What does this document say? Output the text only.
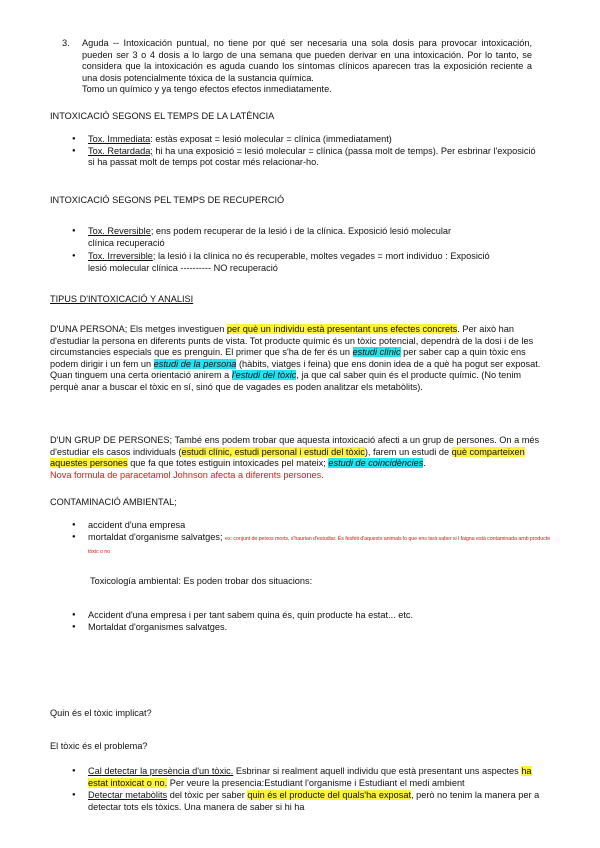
3.	Aguda -- Intoxicación puntual, no tiene por qué ser necesaria una sola dosis para provocar intoxicación, pueden ser 3 o 4 dosis a lo largo de una semana que pueden derivar en una intoxicación. Por lo tanto, se considera que la intoxicación es aguda cuando los síntomas clínicos aparecen tras la exposición reciente a una dosis potencialmente tóxica de la sustancia química.
Tomo un químico y ya tengo efectos efectos inmediatamente.
INTOXICACIÓ SEGONS EL TEMPS DE LA LATÈNCIA
● Tox. Immediata: estàs exposat = lesió molecular = clínica (immediatament)
● Tox. Retardada; hi ha una exposició = lesió molecular = clínica (passa molt de temps). Per esbrinar l'exposició si ha passat molt de temps pot costar més relacionar-ho.
INTOXICACIÓ SEGONS PEL TEMPS DE RECUPERCIÓ
● Tox. Reversible; ens podem recuperar de la lesió i de la clínica. Exposició lesió molecular
clínica recuperació
● Tox. Irreversible; la lesió i la clínica no és recuperable, moltes vegades = mort individuo : Exposició
lesió molecular clínica ---------- NO recuperació
TIPUS D'INTOXICACIÓ Y ANALISI
D'UNA PERSONA; Els metges investiguen per què un individu està presentant uns efectes concrets. Per això han d'estudiar la persona en diferents punts de vista. Tot producte químic és un tòxic potencial, dependrà de la dosi i de les circumstancies especials que es prenguin. El primer que s'ha de fer és un estudi clínic per saber cap a quin tòxic ens podem dirigir i un fem un estudi de la persona (hàbits, viatges i feina) que ens donin idea de a què ha pogut ser exposat. Quan tinguem una certa orientació anirem a l'estudi del tòxic, ja que cal saber quin és el producte químic. (No tenim perquè anar a buscar el tòxic en sí, sinó que de vagades es poden analitzar els metabòlits).
D'UN GRUP DE PERSONES; També ens podem trobar que aquesta intoxicació afecti a un grup de persones. On a més d'estudiar els casos individuals (estudi clínic, estudi personal i estudi del tòxic), farem un estudi de què comparteixen aquestes persones que fa que totes estiguin intoxicades pel mateix; estudi de coincidències.
Nova formula de paracetamol Johnson afecta a diferents persones.
CONTAMINACIÓ AMBIENTAL;
● accident d'una empresa
● mortaldat d'organisme salvatges; ex: conjunt de peixos morts, s'haurian d'estudiar. És fesfeti d'aquests animals lo que ens tarà saber si l faigna està contaminada amb producte tòxic o no
Toxicología ambiental: Es poden trobar dos situacions:
● Accident d'una empresa i per tant sabem quina és, quin producte ha estat... etc.
● Mortaldat d'organismes salvatges.
Quin és el tòxic implicat?
El tòxic és el problema?
● Cal detectar la presència d'un tòxic. Esbrinar si realment aquell individu que està presentant uns aspectes ha estat intoxicat o no. Per veure la presencia:Estudiant l'organisme i Estudiant el medi ambient
● Detectar metabòlits del tòxic per saber quin és el producte del quals'ha exposat, però no tenim la manera per a detectar tots els tòxics. Una manera de saber si hi ha
